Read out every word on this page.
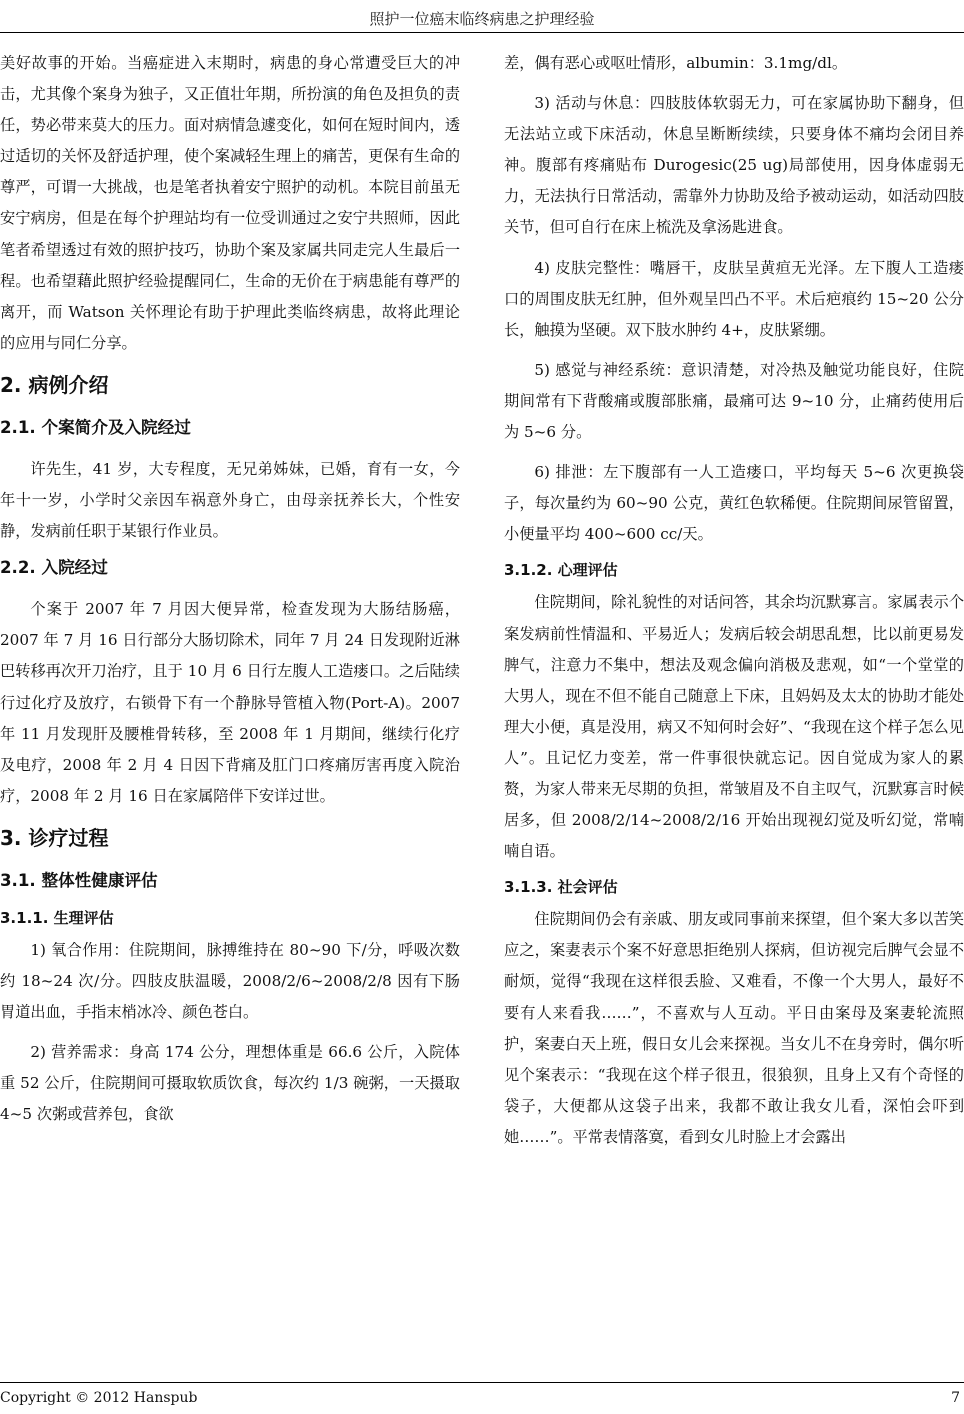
照护一位癌末临终病患之护理经验

美好故事的开始。当癌症进入末期时，病患的身心常遭受巨大的冲击，尤其像个案身为独子，又正值壮年期，所扮演的角色及担负的责任，势必带来莫大的压力。面对病情急遽变化，如何在短时间内，透过适切的关怀及舒适护理，使个案减轻生理上的痛苦，更保有生命的尊严，可谓一大挑战，也是笔者执着安宁照护的动机。本院目前虽无安宁病房，但是在每个护理站均有一位受训通过之安宁共照师，因此笔者希望透过有效的照护技巧，协助个案及家属共同走完人生最后一程。也希望藉此照护经验提醒同仁，生命的无价在于病患能有尊严的离开，而 Watson 关怀理论有助于护理此类临终病患，故将此理论的应用与同仁分享。

2. 病例介绍
2.1. 个案简介及入院经过

许先生，41 岁，大专程度，无兄弟姊妹，已婚，育有一女，今年十一岁，小学时父亲因车祸意外身亡，由母亲抚养长大，个性安静，发病前任职于某银行作业员。

2.2. 入院经过

个案于 2007 年 7 月因大便异常，检查发现为大肠结肠癌，2007 年 7 月 16 日行部分大肠切除术，同年 7 月 24 日发现附近淋巴转移再次开刀治疗，且于 10 月 6 日行左腹人工造瘘口。之后陆续行过化疗及放疗，右锁骨下有一个静脉导管植入物(Port-A)。2007 年 11 月发现肝及腰椎骨转移，至 2008 年 1 月期间，继续行化疗及电疗，2008 年 2 月 4 日因下背痛及肛门口疼痛厉害再度入院治疗，2008 年 2 月 16 日在家属陪伴下安详过世。

3. 诊疗过程
3.1. 整体性健康评估
3.1.1. 生理评估

1) 氧合作用：住院期间，脉搏维持在 80~90 下/分，呼吸次数约 18~24 次/分。四肢皮肤温暖，2008/2/6~2008/2/8 因有下肠胃道出血，手指末梢冰冷、颜色苍白。

2) 营养需求：身高 174 公分，理想体重是 66.6 公斤，入院体重 52 公斤，住院期间可摄取软质饮食，每次约 1/3 碗粥，一天摄取 4~5 次粥或营养包，食欲

差，偶有恶心或呕吐情形，albumin：3.1mg/dl。

3) 活动与休息：四肢肢体软弱无力，可在家属协助下翻身，但无法站立或下床活动，休息呈断断续续，只要身体不痛均会闭目养神。腹部有疼痛贴布 Durogesic(25 ug)局部使用，因身体虚弱无力，无法执行日常活动，需靠外力协助及给予被动运动，如活动四肢关节，但可自行在床上梳洗及拿汤匙进食。

4) 皮肤完整性：嘴唇干，皮肤呈黄疸无光泽。左下腹人工造瘘口的周围皮肤无红肿，但外观呈凹凸不平。术后疤痕约 15~20 公分长，触摸为坚硬。双下肢水肿约 4+，皮肤紧绷。

5) 感觉与神经系统：意识清楚，对冷热及触觉功能良好，住院期间常有下背酸痛或腹部胀痛，最痛可达 9~10 分，止痛药使用后为 5~6 分。

6) 排泄：左下腹部有一人工造瘘口，平均每天 5~6 次更换袋子，每次量约为 60~90 公克，黄红色软稀便。住院期间尿管留置，小便量平均 400~600 cc/天。

3.1.2. 心理评估

住院期间，除礼貌性的对话问答，其余均沉默寡言。家属表示个案发病前性情温和、平易近人；发病后较会胡思乱想，比以前更易发脾气，注意力不集中，想法及观念偏向消极及悲观，如“一个堂堂的大男人，现在不但不能自己随意上下床，且妈妈及太太的协助才能处理大小便，真是没用，病又不知何时会好”、“我现在这个样子怎么见人”。且记忆力变差，常一件事很快就忘记。因自觉成为家人的累赘，为家人带来无尽期的负担，常皱眉及不自主叹气，沉默寡言时候居多，但 2008/2/14~2008/2/16 开始出现视幻觉及听幻觉，常喃喃自语。

3.1.3. 社会评估

住院期间仍会有亲戚、朋友或同事前来探望，但个案大多以苦笑应之，案妻表示个案不好意思拒绝别人探病，但访视完后脾气会显不耐烦，觉得“我现在这样很丢脸、又难看，不像一个大男人，最好不要有人来看我……”，不喜欢与人互动。平日由案母及案妻轮流照护，案妻白天上班，假日女儿会来探视。当女儿不在身旁时，偶尔听见个案表示：“我现在这个样子很丑，很狼狈，且身上又有个奇怪的袋子，大便都从这袋子出来，我都不敢让我女儿看，深怕会吓到她……”。平常表情落寞，看到女儿时脸上才会露出

Copyright © 2012 Hanspub	7
